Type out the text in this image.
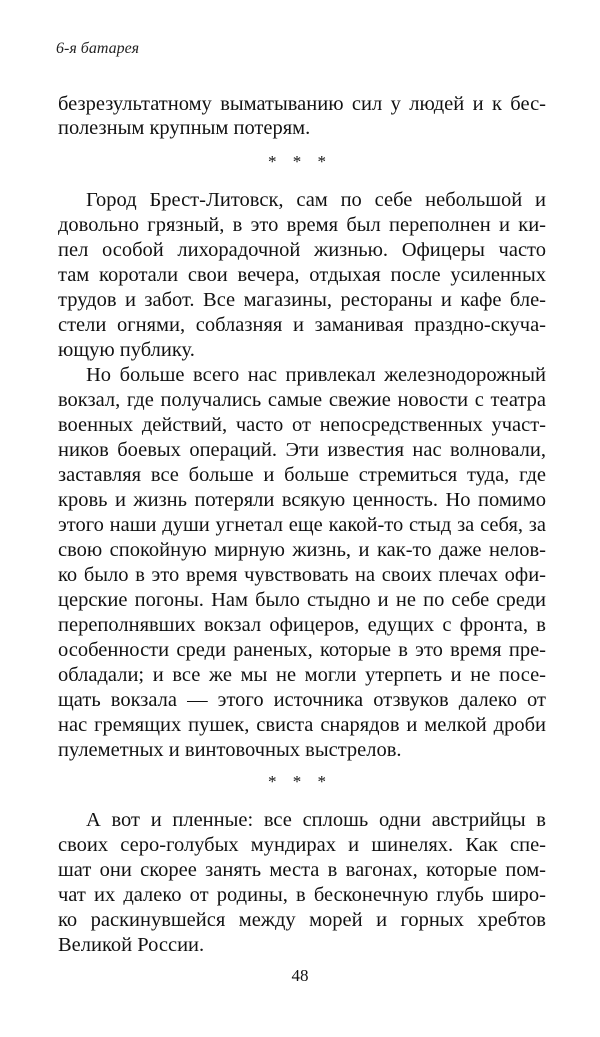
6-я батарея

безрезультатному выматыванию сил у людей и к бес-

полезным крупным потерям.

* * *

Город Брест-Литовск, сам по себе небольшой и

довольно грязный, в это время был переполнен и ки-

пел особой лихорадочной жизнью. Офицеры часто

там коротали свои вечера, отдыхая после усиленных

трудов и забот. Все магазины, рестораны и кафе бле-

стели огнями, соблазняя и заманивая праздно-скуча-

ющую публику.

Но больше всего нас привлекал железнодорожный

вокзал, где получались самые свежие новости с театра

военных действий, часто от непосредственных участ-

ников боевых операций. Эти известия нас волновали,

заставляя все больше и больше стремиться туда, где

кровь и жизнь потеряли всякую ценность. Но помимо

этого наши души угнетал еще какой-то стыд за себя, за

свою спокойную мирную жизнь, и как-то даже нелов-

ко было в это время чувствовать на своих плечах офи-

церские погоны. Нам было стыдно и не по себе среди

переполнявших вокзал офицеров, едущих с фронта, в

особенности среди раненых, которые в это время пре-

обладали; и все же мы не могли утерпеть и не посе-

щать вокзала — этого источника отзвуков далеко от

нас гремящих пушек, свиста снарядов и мелкой дроби

пулеметных и винтовочных выстрелов.

* * *

А вот и пленные: все сплошь одни австрийцы в

своих серо-голубых мундирах и шинелях. Как спе-

шат они скорее занять места в вагонах, которые пом-

чат их далеко от родины, в бесконечную глубь широ-

ко раскинувшейся между морей и горных хребтов

Великой России.

48
